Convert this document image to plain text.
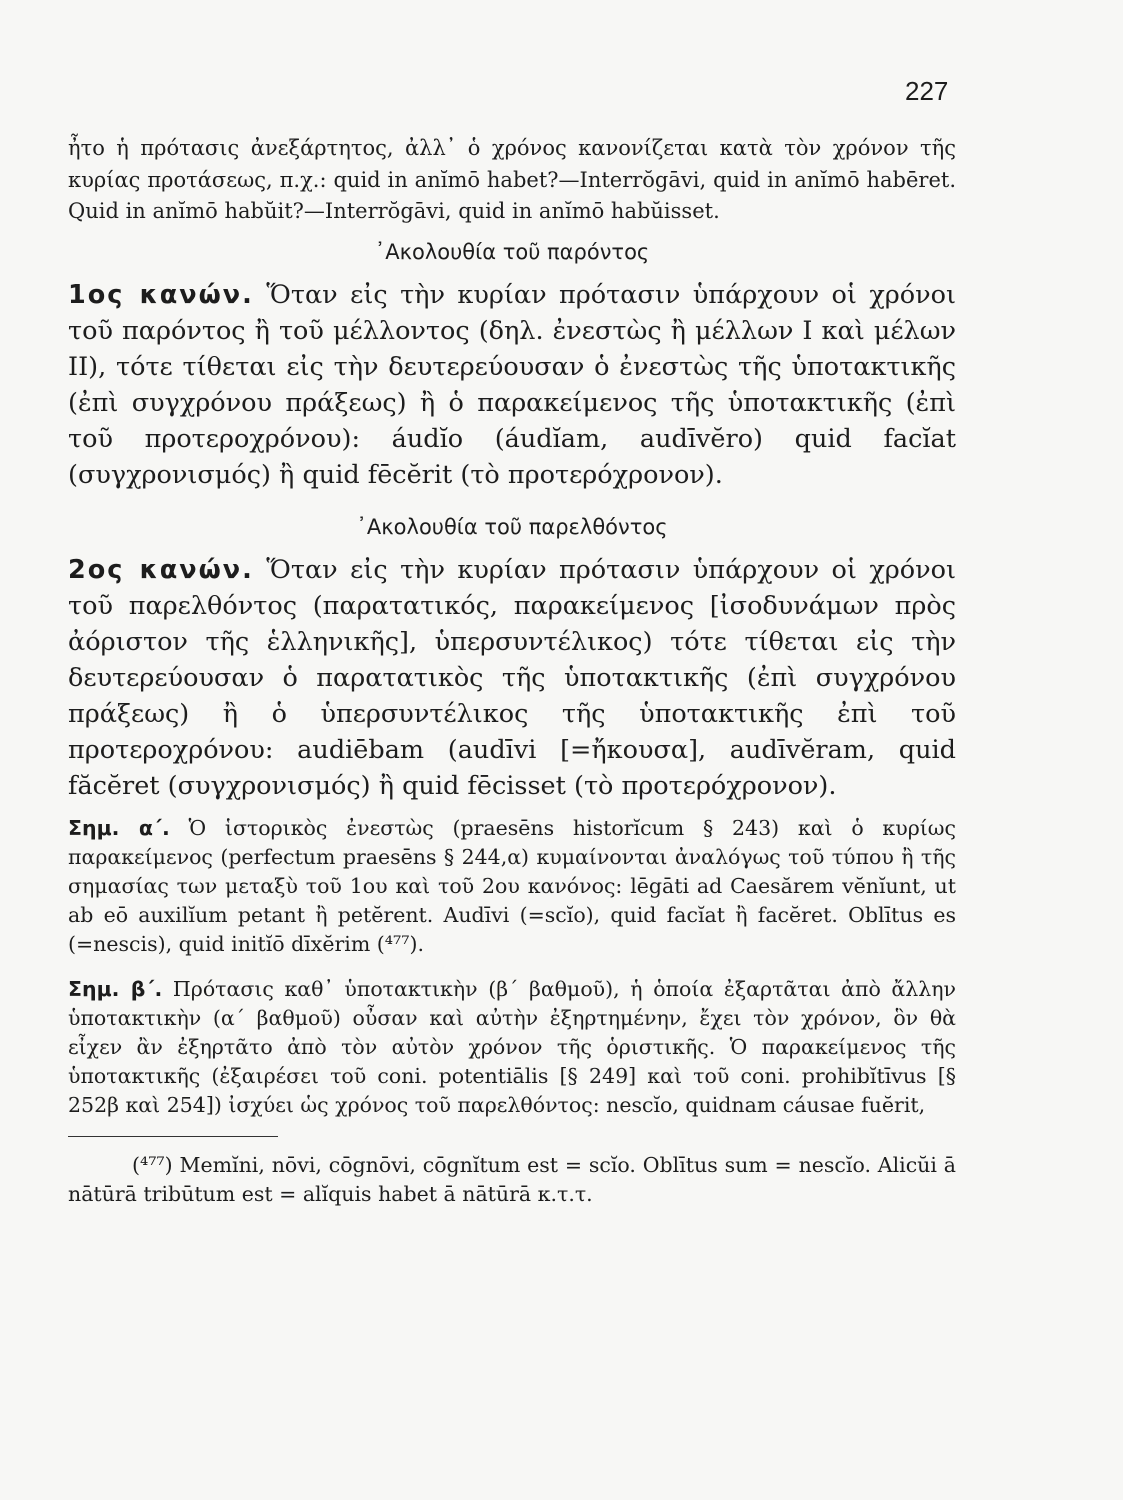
227

ἦτο ἡ πρότασις ἀνεξάρτητος, ἀλλ᾽ ὁ χρόνος κανονίζεται κατὰ τὸν χρόνον τῆς κυρίας προτάσεως, π.χ.: quid in anĭmō habet?—Interrŏgāvi, quid in anĭmō habēret. Quid in anĭmō habŭit?—Interrŏgāvi, quid in anĭmō habŭisset.

᾿Ακολουθία τοῦ παρόντος

1ος κανών. Ὅταν εἰς τὴν κυρίαν πρότασιν ὑπάρχουν οἱ χρόνοι τοῦ παρόντος ἢ τοῦ μέλλοντος (δηλ. ἐνεστὼς ἢ μέλλων I καὶ μέλων II), τότε τίθεται εἰς τὴν δευτερεύουσαν ὁ ἐνεστὼς τῆς ὑποτακτικῆς (ἐπὶ συγχρόνου πράξεως) ἢ ὁ παρακείμενος τῆς ὑποτακτικῆς (ἐπὶ τοῦ προτεροχρόνου): áudĭo (áudĭam, audīvĕro) quid facĭat (συγχρονισμός) ἢ quid fēcĕrit (τὸ προτερόχρονον).

᾿Ακολουθία τοῦ παρελθόντος

2ος κανών. Ὅταν εἰς τὴν κυρίαν πρότασιν ὑπάρχουν οἱ χρόνοι τοῦ παρελθόντος (παρατατικός, παρακείμενος [ἰσοδυνάμων πρὸς ἀόριστον τῆς ἑλληνικῆς], ὑπερσυντέλικος) τότε τίθεται εἰς τὴν δευτερεύουσαν ὁ παρατατικὸς τῆς ὑποτακτικῆς (ἐπὶ συγχρόνου πράξεως) ἢ ὁ ὑπερσυντέλικος τῆς ὑποτακτικῆς ἐπὶ τοῦ προτεροχρόνου: audiēbam (audīvi [=ἤκουσα], audīvĕram, quid făcĕret (συγχρονισμός) ἢ quid fēcisset (τὸ προτερόχρονον).

Σημ. α΄. Ὁ ἱστορικὸς ἐνεστὼς (praesēns historĭcum § 243) καὶ ὁ κυρίως παρακείμενος (perfectum praesēns § 244,α) κυμαίνονται ἀναλόγως τοῦ τύπου ἢ τῆς σημασίας των μεταξὺ τοῦ 1ου καὶ τοῦ 2ου κανόνος: lēgāti ad Caesărem vĕnĭunt, ut ab eō auxilĭum petant ἢ petĕrent. Audīvi (=scĭo), quid facĭat ἢ facĕret. Oblītus es (=nescis), quid initĭō dīxĕrim (⁴⁷⁷).

Σημ. β΄. Πρότασις καθ᾽ ὑποτακτικὴν (β΄ βαθμοῦ), ἡ ὁποία ἐξαρτᾶται ἀπὸ ἄλλην ὑποτακτικὴν (α΄ βαθμοῦ) οὖσαν καὶ αὐτὴν ἐξηρτημένην, ἔχει τὸν χρόνον, ὃν θὰ εἶχεν ἂν ἐξηρτᾶτο ἀπὸ τὸν αὐτὸν χρόνον τῆς ὁριστικῆς. Ὁ παρακείμενος τῆς ὑποτακτικῆς (ἐξαιρέσει τοῦ coni. potentiālis [§ 249] καὶ τοῦ coni. prohibĭtīvus [§ 252β καὶ 254]) ἰσχύει ὡς χρόνος τοῦ παρελθόντος: nescĭo, quidnam cáusae fuĕrit,

(⁴⁷⁷) Memĭni, nōvi, cōgnōvi, cōgnĭtum est = scĭo. Oblītus sum = nescĭo. Alicŭi ā nātūrā tribūtum est = alĭquis habet ā nātūrā κ.τ.τ.
